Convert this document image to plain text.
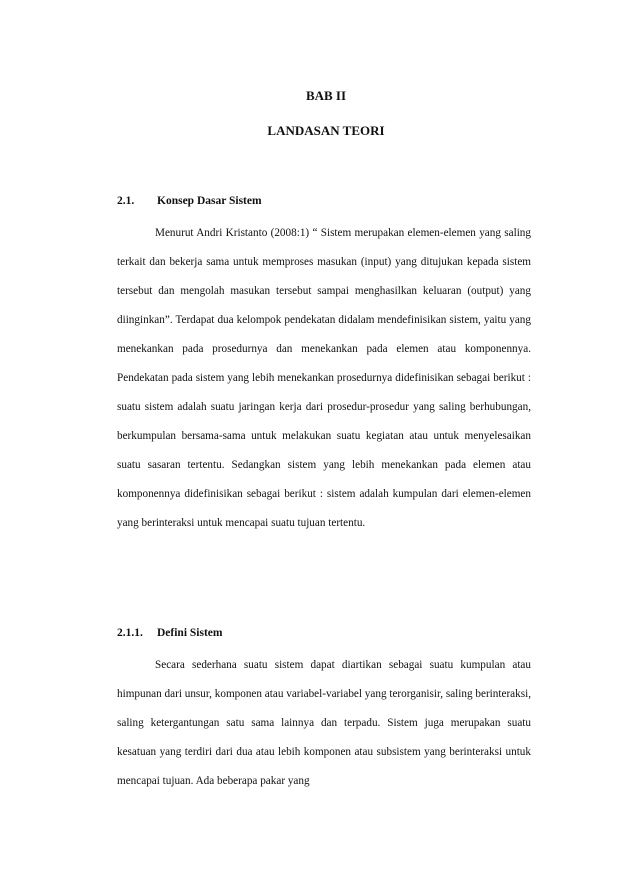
BAB II
LANDASAN TEORI
2.1. Konsep Dasar Sistem

Menurut Andri Kristanto (2008:1) “ Sistem merupakan elemen-elemen yang saling terkait dan bekerja sama untuk memproses masukan (input) yang ditujukan kepada sistem tersebut dan mengolah masukan tersebut sampai menghasilkan keluaran (output) yang diinginkan”. Terdapat dua kelompok pendekatan didalam mendefinisikan sistem, yaitu yang menekankan pada prosedurnya dan menekankan pada elemen atau komponennya. Pendekatan pada sistem yang lebih menekankan prosedurnya didefinisikan sebagai berikut : suatu sistem adalah suatu jaringan kerja dari prosedur-prosedur yang saling berhubungan, berkumpulan bersama-sama untuk melakukan suatu kegiatan atau untuk menyelesaikan suatu sasaran tertentu. Sedangkan sistem yang lebih menekankan pada elemen atau komponennya didefinisikan sebagai berikut : sistem adalah kumpulan dari elemen-elemen yang berinteraksi untuk mencapai suatu tujuan tertentu.

2.1.1. Defini Sistem

Secara sederhana suatu sistem dapat diartikan sebagai suatu kumpulan atau himpunan dari unsur, komponen atau variabel-variabel yang terorganisir, saling berinteraksi, saling ketergantungan satu sama lainnya dan terpadu. Sistem juga merupakan suatu kesatuan yang terdiri dari dua atau lebih komponen atau subsistem yang berinteraksi untuk mencapai tujuan. Ada beberapa pakar yang
